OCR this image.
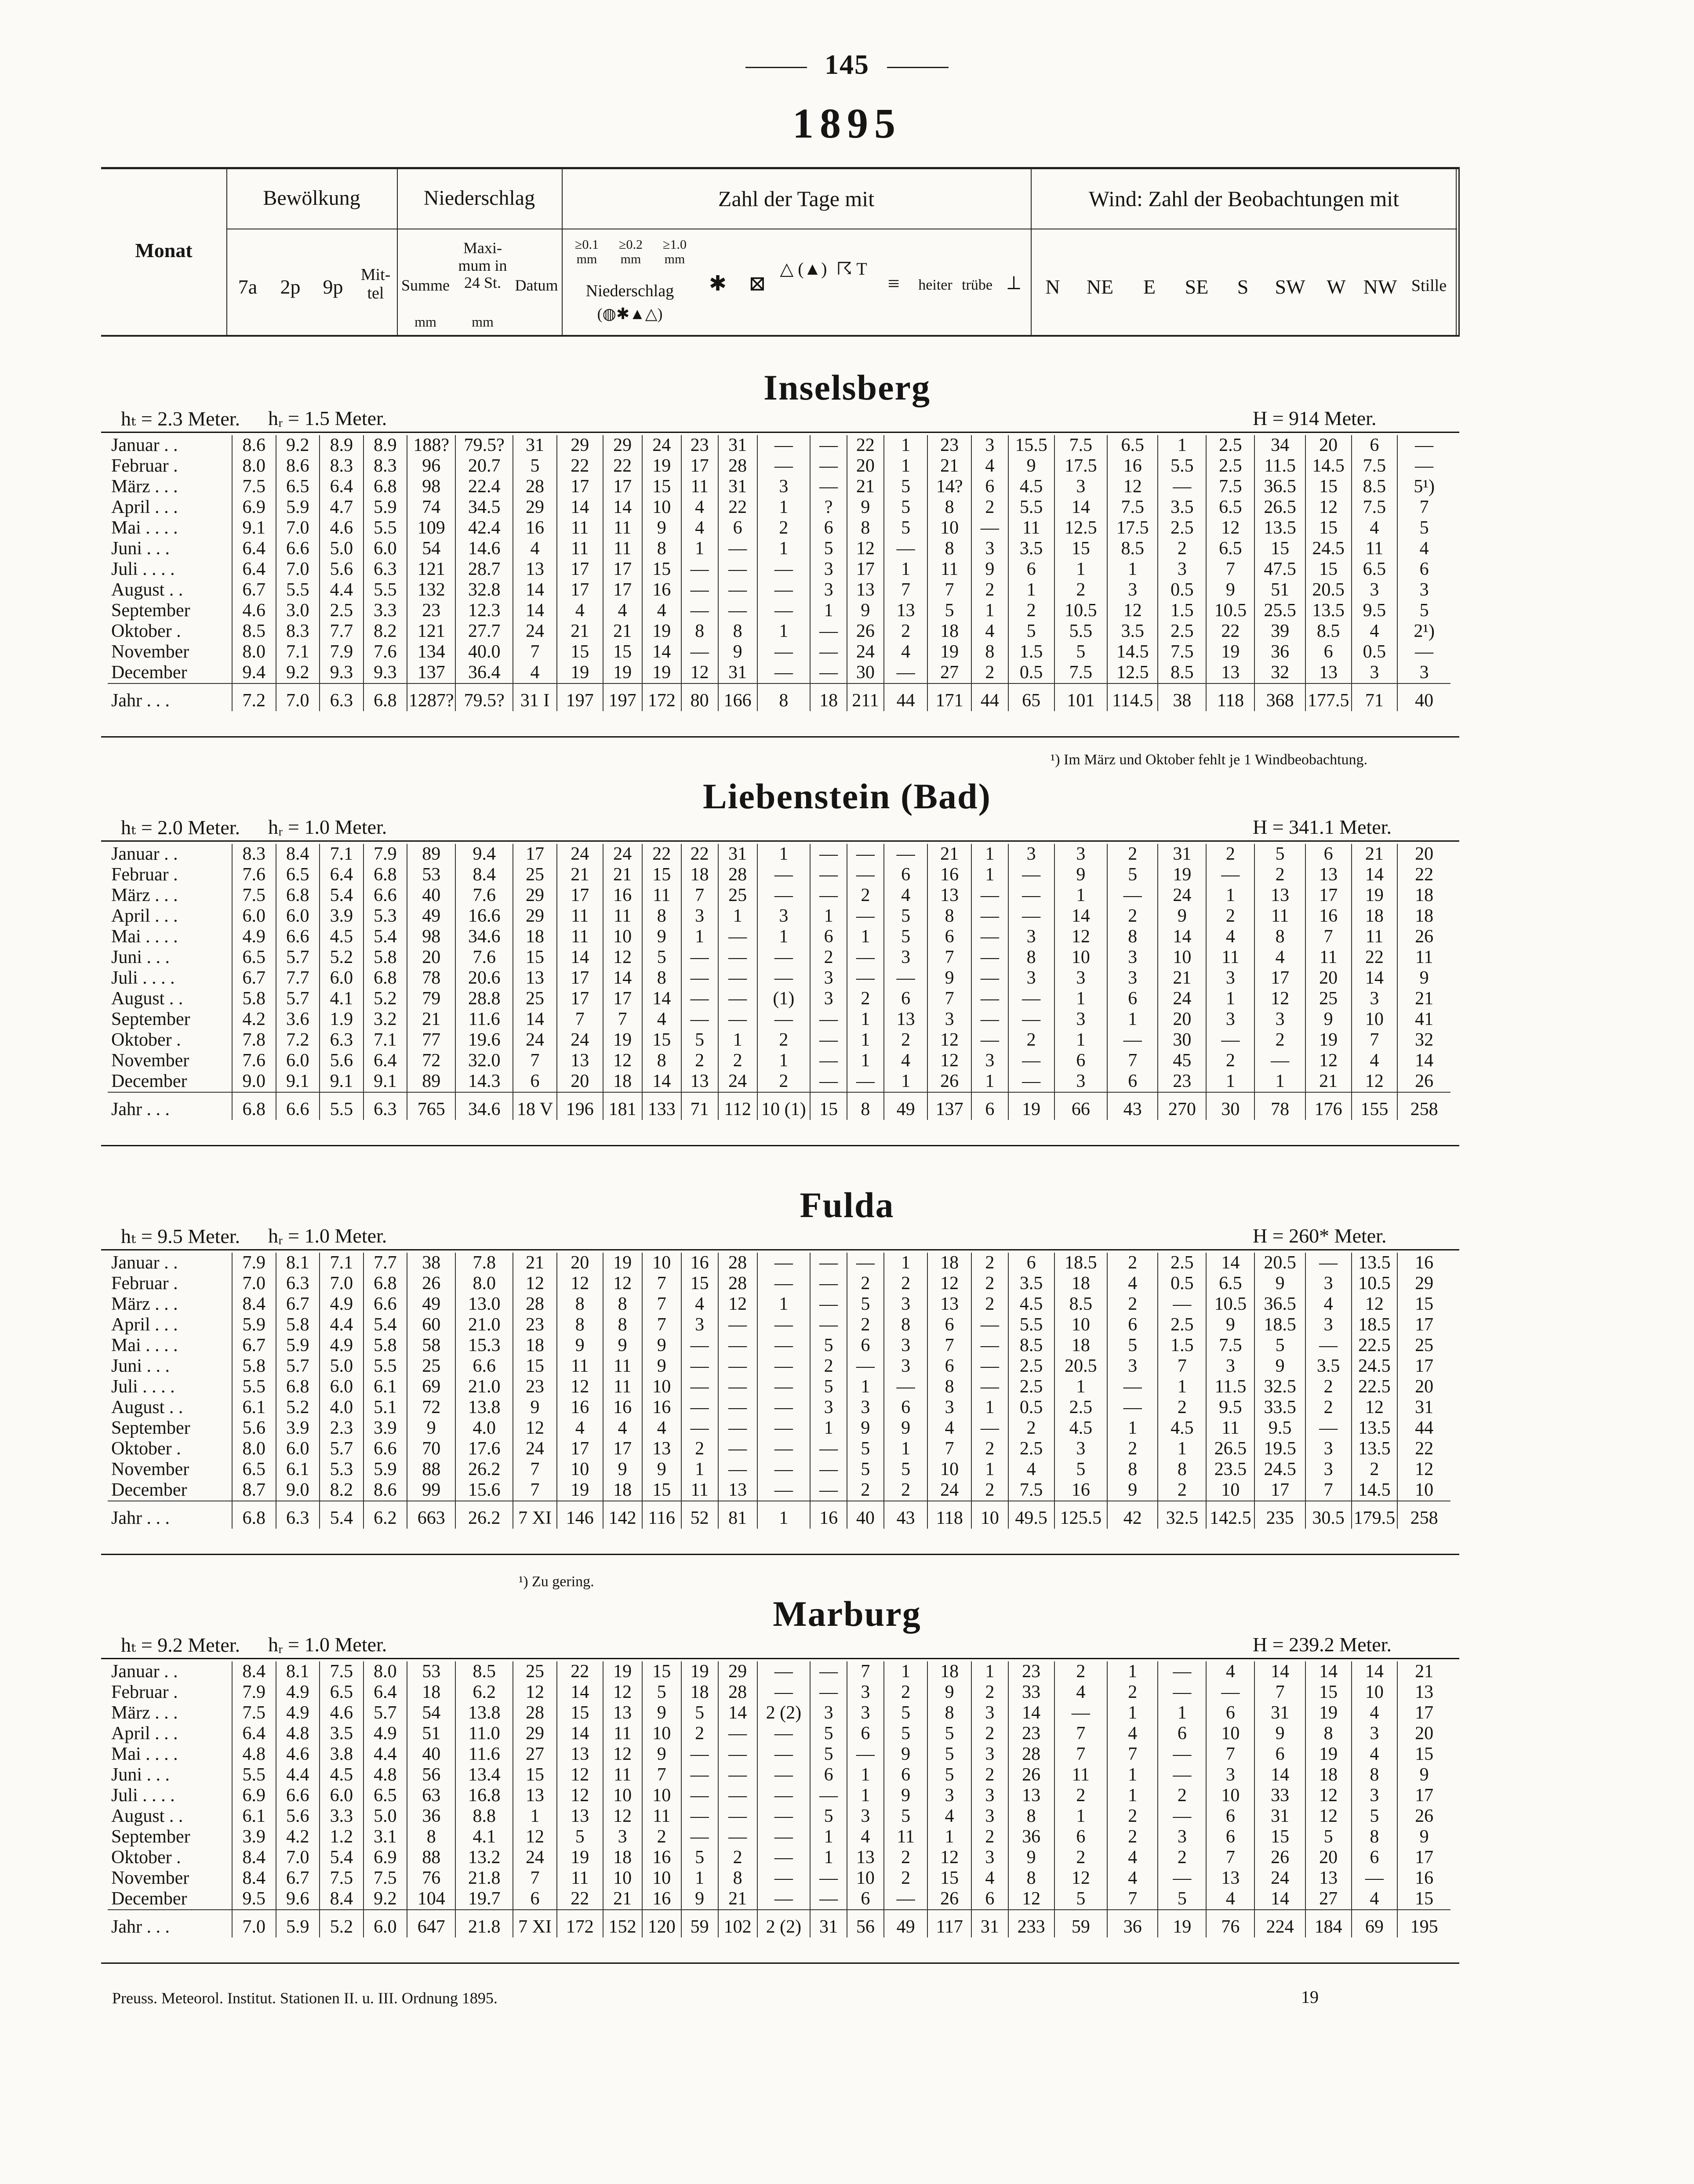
145
1895
Monat
Bewölkung
7a	2p	9p
Mit-tel
Niederschlag
Summe
Maxi-mum in 24 St. Datum
mm	mm
Zahl der Tage mit
≥0.1 mm
≥0.2 mm
≥1.0 mm
Niederschlag
(◍✱▲△)
✱	⊠
△ (▲) ☈ T
≡	heiter trübe ⟂
Wind: Zahl der Beobachtungen mit
N	NE	E	SE	S	SW	W NW Stille
Inselsberg
hₜ = 2.3 Meter. hᵣ = 1.5 Meter.	H = 914 Meter.
Januar . .	8.6	9.2	8.9	8.9	188?	79.5?	31	29	29	24	23	31	—	—	22	1	23	3	15.5	7.5	6.5	1	2.5	34	20	6	—
Februar .	8.0	8.6	8.3	8.3	96	20.7	5	22	22	19	17	28	—	—	20	1	21	4	9	17.5	16	5.5	2.5	11.5	14.5	7.5	—
März . . .	7.5	6.5	6.4	6.8	98	22.4	28	17	17	15	11	31	3	—	21	5	14?	6	4.5	3	12	—	7.5	36.5	15	8.5	5¹)
April . . .	6.9	5.9	4.7	5.9	74	34.5	29	14	14	10	4	22	1	?	9	5	8	2	5.5	14	7.5	3.5	6.5	26.5	12	7.5	7
Mai . . . .	9.1	7.0	4.6	5.5	109	42.4	16	11	11	9	4	6	2	6	8	5	10	—	11	12.5	17.5	2.5	12	13.5	15	4	5
Juni . . .	6.4	6.6	5.0	6.0	54	14.6	4	11	11	8	1	—	1	5	12	—	8	3	3.5	15	8.5	2	6.5	15	24.5	11	4
Juli . . . .	6.4	7.0	5.6	6.3	121	28.7	13	17	17	15	—	—	—	3	17	1	11	9	6	1	1	3	7	47.5	15	6.5	6
August . .	6.7	5.5	4.4	5.5	132	32.8	14	17	17	16	—	—	—	3	13	7	7	2	1	2	3	0.5	9	51	20.5	3	3
September	4.6	3.0	2.5	3.3	23	12.3	14	4	4	4	—	—	—	1	9	13	5	1	2	10.5	12	1.5	10.5	25.5	13.5	9.5	5
Oktober .	8.5	8.3	7.7	8.2	121	27.7	24	21	21	19	8	8	1	—	26	2	18	4	5	5.5	3.5	2.5	22	39	8.5	4	2¹)
November	8.0	7.1	7.9	7.6	134	40.0	7	15	15	14	—	9	—	—	24	4	19	8	1.5	5	14.5	7.5	19	36	6	0.5	—
December	9.4	9.2	9.3	9.3	137	36.4	4	19	19	19	12	31	—	—	30	—	27	2	0.5	7.5	12.5	8.5	13	32	13	3	3
Jahr . . .	7.2	7.0	6.3	6.8	1287?	79.5?	31 I	197	197	172	80	166	8	18	211	44	171	44	65	101	114.5	38	118	368	177.5	71	40
¹) Im März und Oktober fehlt je 1 Windbeobachtung.
Liebenstein (Bad)
hₜ = 2.0 Meter. hᵣ = 1.0 Meter.	H = 341.1 Meter.
Januar . .	8.3	8.4	7.1	7.9	89	9.4	17	24	24	22	22	31	1	—	—	—	21	1	3	3	2	31	2	5	6	21	20
Februar .	7.6	6.5	6.4	6.8	53	8.4	25	21	21	15	18	28	—	—	—	6	16	1	—	9	5	19	—	2	13	14	22
März . . .	7.5	6.8	5.4	6.6	40	7.6	29	17	16	11	7	25	—	—	2	4	13	—	—	1	—	24	1	13	17	19	18
April . . .	6.0	6.0	3.9	5.3	49	16.6	29	11	11	8	3	1	3	1	—	5	8	—	—	14	2	9	2	11	16	18	18
Mai . . . .	4.9	6.6	4.5	5.4	98	34.6	18	11	10	9	1	—	1	6	1	5	6	—	3	12	8	14	4	8	7	11	26
Juni . . .	6.5	5.7	5.2	5.8	20	7.6	15	14	12	5	—	—	—	2	—	3	7	—	8	10	3	10	11	4	11	22	11
Juli . . . .	6.7	7.7	6.0	6.8	78	20.6	13	17	14	8	—	—	—	3	—	—	9	—	3	3	3	21	3	17	20	14	9
August . .	5.8	5.7	4.1	5.2	79	28.8	25	17	17	14	—	—	(1)	3	2	6	7	—	—	1	6	24	1	12	25	3	21
September	4.2	3.6	1.9	3.2	21	11.6	14	7	7	4	—	—	—	—	1	13	3	—	—	3	1	20	3	3	9	10	41
Oktober .	7.8	7.2	6.3	7.1	77	19.6	24	24	19	15	5	1	2	—	1	2	12	—	2	1	—	30	—	2	19	7	32
November	7.6	6.0	5.6	6.4	72	32.0	7	13	12	8	2	2	1	—	1	4	12	3	—	6	7	45	2	—	12	4	14
December	9.0	9.1	9.1	9.1	89	14.3	6	20	18	14	13	24	2	—	—	1	26	1	—	3	6	23	1	1	21	12	26
Jahr . . .	6.8	6.6	5.5	6.3	765	34.6	18 V	196	181	133	71	112	10 (1)	15	8	49	137	6	19	66	43	270	30	78	176	155	258
Fulda
hₜ = 9.5 Meter. hᵣ = 1.0 Meter.	H = 260* Meter.
Januar . .	7.9	8.1	7.1	7.7	38	7.8	21	20	19	10	16	28	—	—	—	1	18	2	6	18.5	2	2.5	14	20.5	—	13.5	16
Februar .	7.0	6.3	7.0	6.8	26	8.0	12	12	12	7	15	28	—	—	2	2	12	2	3.5	18	4	0.5	6.5	9	3	10.5	29
März . . .	8.4	6.7	4.9	6.6	49	13.0	28	8	8	7	4	12	1	—	5	3	13	2	4.5	8.5	2	—	10.5	36.5	4	12	15
April . . .	5.9	5.8	4.4	5.4	60	21.0	23	8	8	7	3	—	—	—	2	8	6	—	5.5	10	6	2.5	9	18.5	3	18.5	17
Mai . . . .	6.7	5.9	4.9	5.8	58	15.3	18	9	9	9	—	—	—	5	6	3	7	—	8.5	18	5	1.5	7.5	5	—	22.5	25
Juni . . .	5.8	5.7	5.0	5.5	25	6.6	15	11	11	9	—	—	—	2	—	3	6	—	2.5	20.5	3	7	3	9	3.5	24.5	17
Juli . . . .	5.5	6.8	6.0	6.1	69	21.0	23	12	11	10	—	—	—	5	1	—	8	—	2.5	1	—	1	11.5	32.5	2	22.5	20
August . .	6.1	5.2	4.0	5.1	72	13.8	9	16	16	16	—	—	—	3	3	6	3	1	0.5	2.5	—	2	9.5	33.5	2	12	31
September	5.6	3.9	2.3	3.9	9	4.0	12	4	4	4	—	—	—	1	9	9	4	—	2	4.5	1	4.5	11	9.5	—	13.5	44
Oktober .	8.0	6.0	5.7	6.6	70	17.6	24	17	17	13	2	—	—	—	5	1	7	2	2.5	3	2	1	26.5	19.5	3	13.5	22
November	6.5	6.1	5.3	5.9	88	26.2	7	10	9	9	1	—	—	—	5	5	10	1	4	5	8	8	23.5	24.5	3	2	12
December	8.7	9.0	8.2	8.6	99	15.6	7	19	18	15	11	13	—	—	2	2	24	2	7.5	16	9	2	10	17	7	14.5	10
Jahr . . .	6.8	6.3	5.4	6.2	663	26.2	7 XI	146	142	116	52	81	1	16	40	43	118	10	49.5	125.5	42	32.5	142.5	235	30.5	179.5	258
¹) Zu gering.
Marburg
hₜ = 9.2 Meter. hᵣ = 1.0 Meter.	H = 239.2 Meter.
Januar . .	8.4	8.1	7.5	8.0	53	8.5	25	22	19	15	19	29	—	—	7	1	18	1	23	2	1	—	4	14	14	14	21
Februar .	7.9	4.9	6.5	6.4	18	6.2	12	14	12	5	18	28	—	—	3	2	9	2	33	4	2	—	—	7	15	10	13
März . . .	7.5	4.9	4.6	5.7	54	13.8	28	15	13	9	5	14	2 (2)	3	3	5	8	3	14	—	1	1	6	31	19	4	17
April . . .	6.4	4.8	3.5	4.9	51	11.0	29	14	11	10	2	—	—	5	6	5	5	2	23	7	4	6	10	9	8	3	20
Mai . . . .	4.8	4.6	3.8	4.4	40	11.6	27	13	12	9	—	—	—	5	—	9	5	3	28	7	7	—	7	6	19	4	15
Juni . . .	5.5	4.4	4.5	4.8	56	13.4	15	12	11	7	—	—	—	6	1	6	5	2	26	11	1	—	3	14	18	8	9
Juli . . . .	6.9	6.6	6.0	6.5	63	16.8	13	12	10	10	—	—	—	—	1	9	3	3	13	2	1	2	10	33	12	3	17
August . .	6.1	5.6	3.3	5.0	36	8.8	1	13	12	11	—	—	—	5	3	5	4	3	8	1	2	—	6	31	12	5	26
September	3.9	4.2	1.2	3.1	8	4.1	12	5	3	2	—	—	—	1	4	11	1	2	36	6	2	3	6	15	5	8	9
Oktober .	8.4	7.0	5.4	6.9	88	13.2	24	19	18	16	5	2	—	1	13	2	12	3	9	2	4	2	7	26	20	6	17
November	8.4	6.7	7.5	7.5	76	21.8	7	11	10	10	1	8	—	—	10	2	15	4	8	12	4	—	13	24	13	—	16
December	9.5	9.6	8.4	9.2	104	19.7	6	22	21	16	9	21	—	—	6	—	26	6	12	5	7	5	4	14	27	4	15
Jahr . . .	7.0	5.9	5.2	6.0	647	21.8	7 XI	172	152	120	59	102	2 (2)	31	56	49	117	31	233	59	36	19	76	224	184	69	195
Preuss. Meteorol. Institut. Stationen II. u. III. Ordnung 1895.	19
